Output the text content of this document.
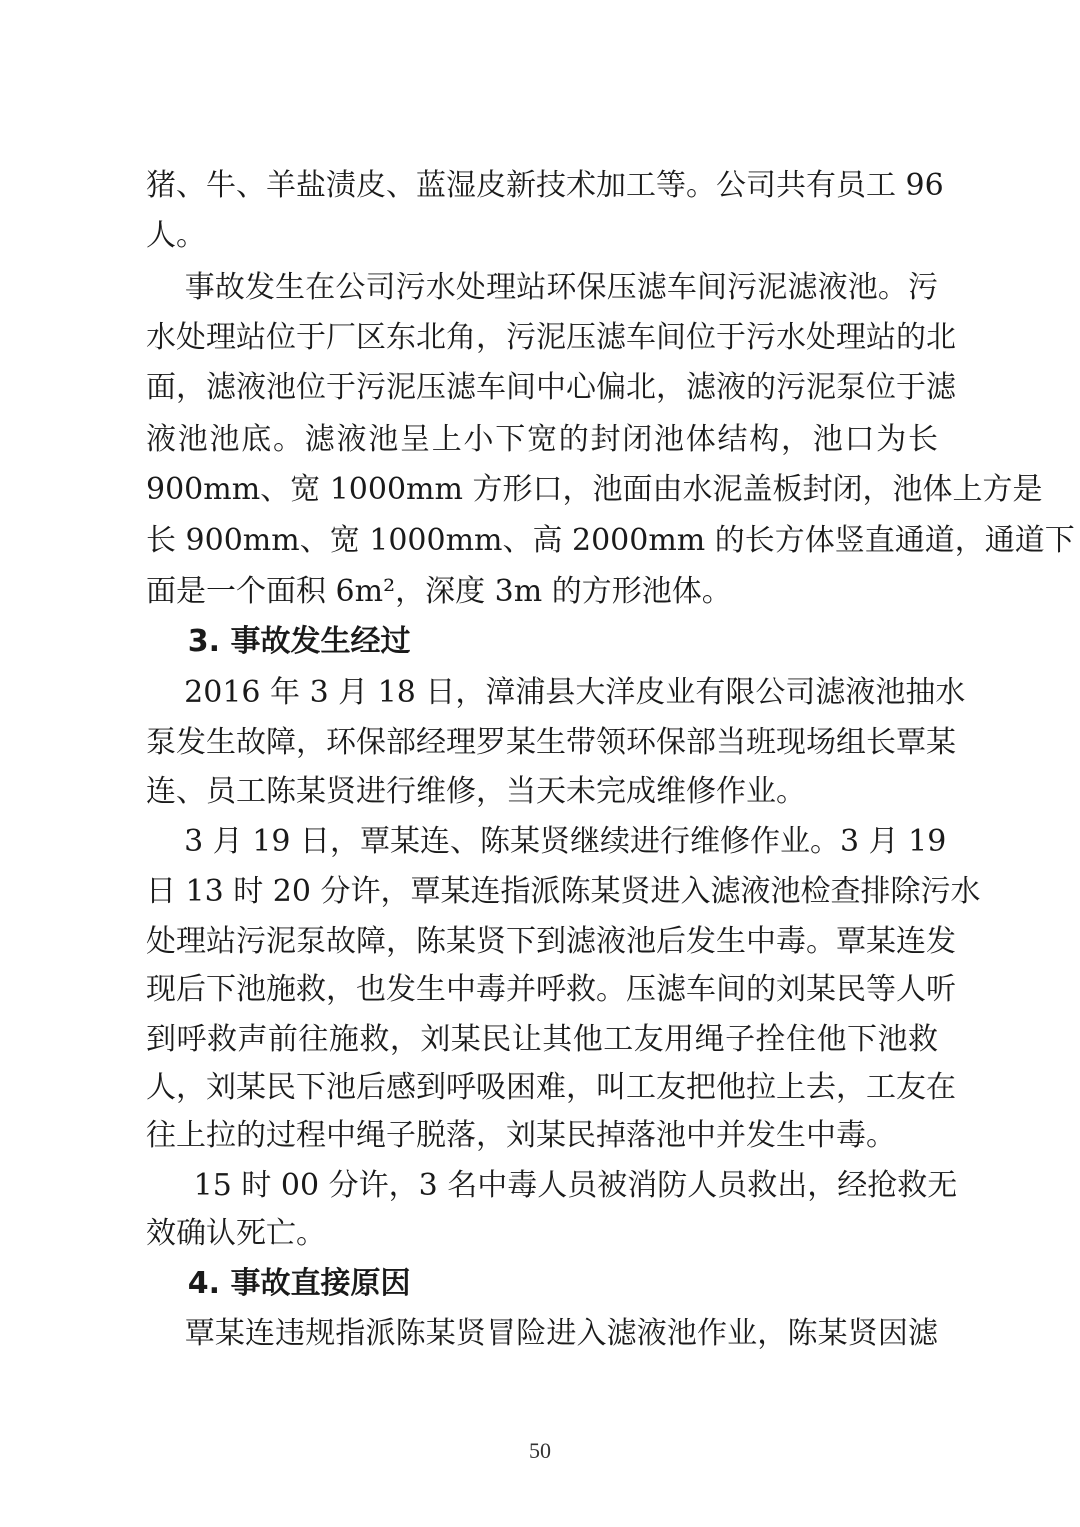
猪、牛、羊盐渍皮、蓝湿皮新技术加工等。公司共有员工 96
人。
事故发生在公司污水处理站环保压滤车间污泥滤液池。污
水处理站位于厂区东北角，污泥压滤车间位于污水处理站的北
面，滤液池位于污泥压滤车间中心偏北，滤液的污泥泵位于滤
液池池底。滤液池呈上小下宽的封闭池体结构，池口为长
900mm、宽 1000mm 方形口，池面由水泥盖板封闭，池体上方是
长 900mm、宽 1000mm、高 2000mm 的长方体竖直通道，通道下
面是一个面积 6m²，深度 3m 的方形池体。
3. 事故发生经过
2016 年 3 月 18 日，漳浦县大洋皮业有限公司滤液池抽水
泵发生故障，环保部经理罗某生带领环保部当班现场组长覃某
连、员工陈某贤进行维修，当天未完成维修作业。
3 月 19 日，覃某连、陈某贤继续进行维修作业。3 月 19
日 13 时 20 分许，覃某连指派陈某贤进入滤液池检查排除污水
处理站污泥泵故障，陈某贤下到滤液池后发生中毒。覃某连发
现后下池施救，也发生中毒并呼救。压滤车间的刘某民等人听
到呼救声前往施救，刘某民让其他工友用绳子拴住他下池救
人，刘某民下池后感到呼吸困难，叫工友把他拉上去，工友在
往上拉的过程中绳子脱落，刘某民掉落池中并发生中毒。
15 时 00 分许，3 名中毒人员被消防人员救出，经抢救无
效确认死亡。
4. 事故直接原因
覃某连违规指派陈某贤冒险进入滤液池作业，陈某贤因滤
50
